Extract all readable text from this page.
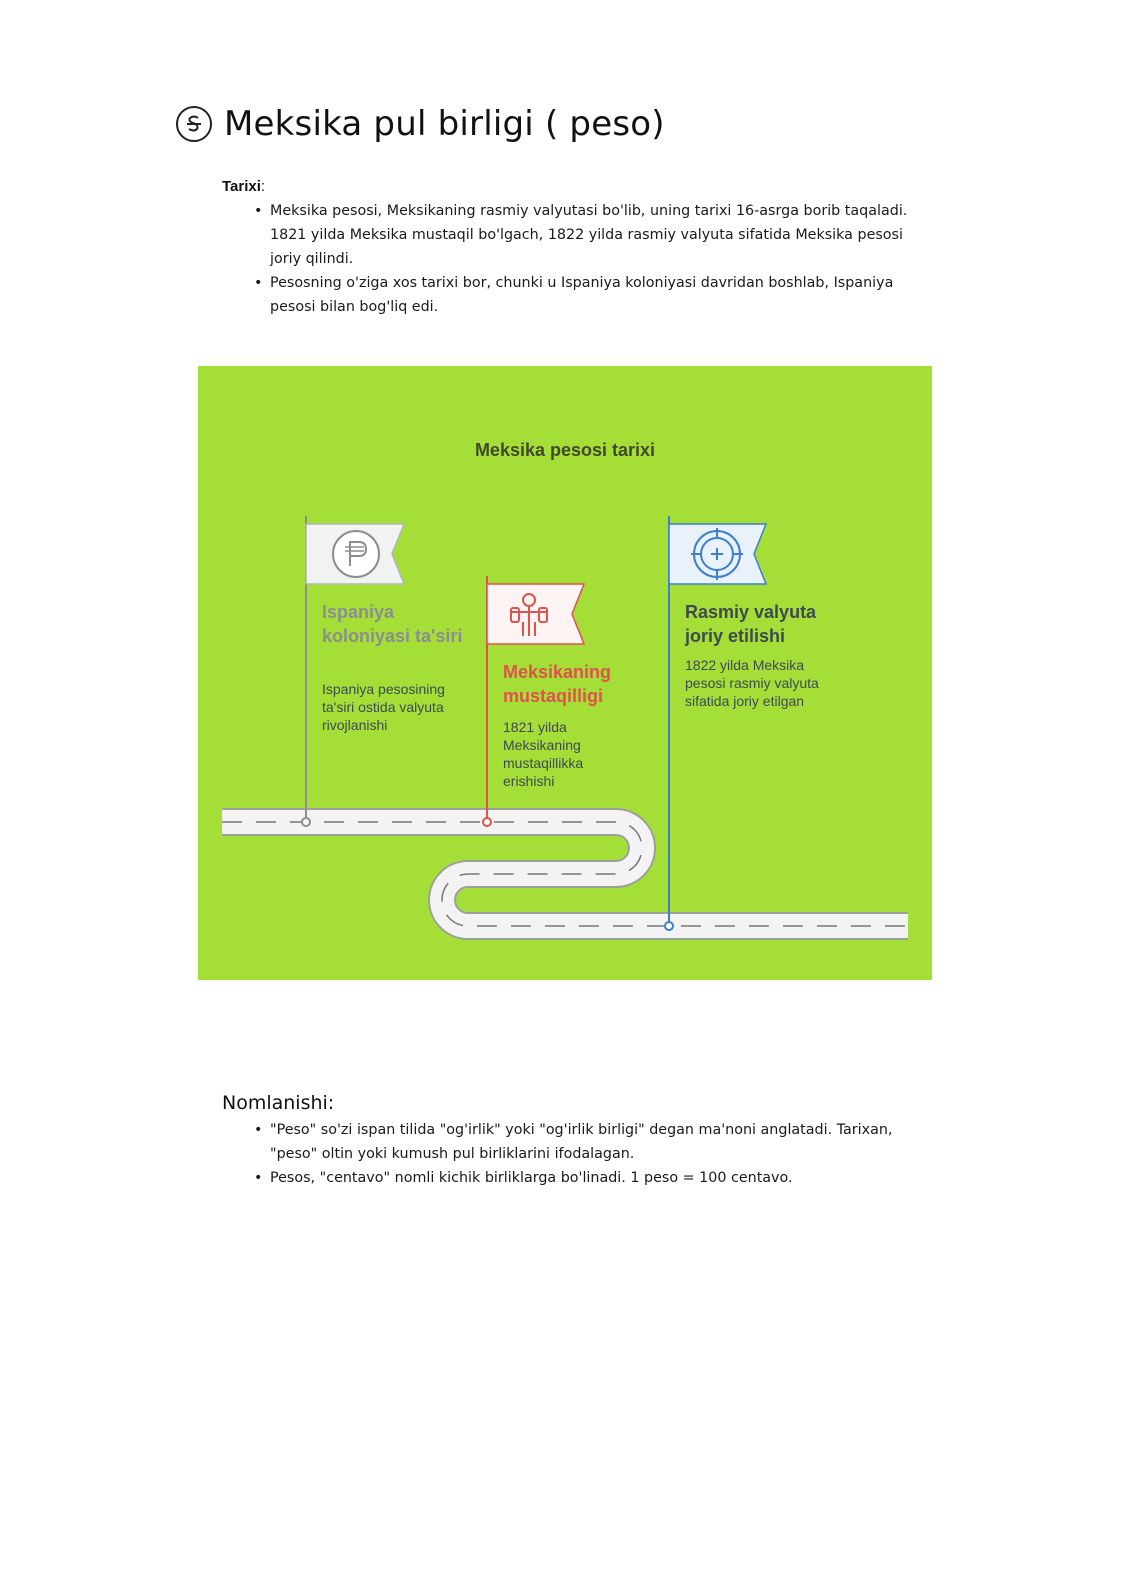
Meksika pul birligi ( peso)
Tarixi:
• Meksika pesosi, Meksikaning rasmiy valyutasi bo'lib, uning tarixi 16-asrga borib taqaladi. 1821 yilda Meksika mustaqil bo'lgach, 1822 yilda rasmiy valyuta sifatida Meksika pesosi joriy qilindi.
• Pesosning o'ziga xos tarixi bor, chunki u Ispaniya koloniyasi davridan boshlab, Ispaniya pesosi bilan bog'liq edi.
Meksika pesosi tarixi
Ispaniya koloniyasi ta'siri
Ispaniya pesosining ta'siri ostida valyuta rivojlanishi
Meksikaning mustaqilligi
1821 yilda Meksikaning mustaqillikka erishishi
Rasmiy valyuta joriy etilishi
1822 yilda Meksika pesosi rasmiy valyuta sifatida joriy etilgan
Nomlanishi:
• "Peso" so'zi ispan tilida "og'irlik" yoki "og'irlik birligi" degan ma'noni anglatadi. Tarixan, "peso" oltin yoki kumush pul birliklarini ifodalagan.
• Pesos, "centavo" nomli kichik birliklarga bo'linadi. 1 peso = 100 centavo.
